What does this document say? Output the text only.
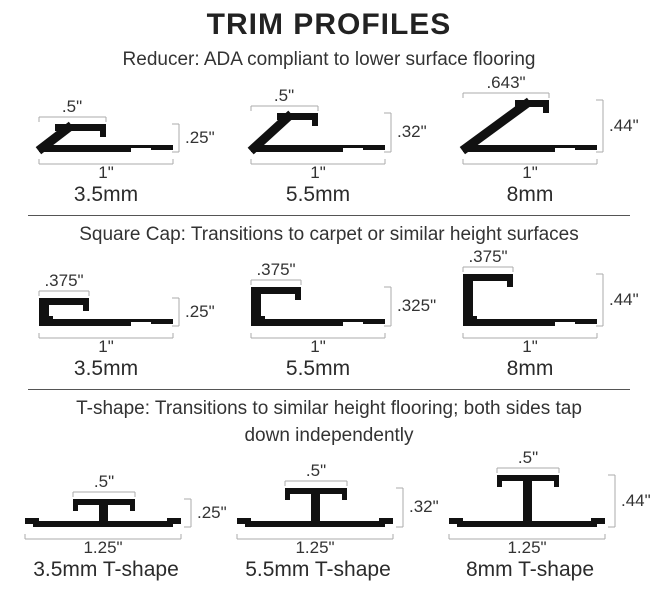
TRIM PROFILES
Reducer: ADA compliant to lower surface flooring
.5"
.25"
1"
3.5mm
.5"
.32"
1"
5.5mm
.643"
.44"
1"
8mm
Square Cap: Transitions to carpet or similar height surfaces
.375"
.25"
1"
3.5mm
.375"
.325"
1"
5.5mm
.375"
.44"
1"
8mm
T-shape: Transitions to similar height flooring; both sides tap down independently
.5"
.25"
1.25"
3.5mm T-shape
.5"
.32"
1.25"
5.5mm T-shape
.5"
.44"
1.25"
8mm T-shape
